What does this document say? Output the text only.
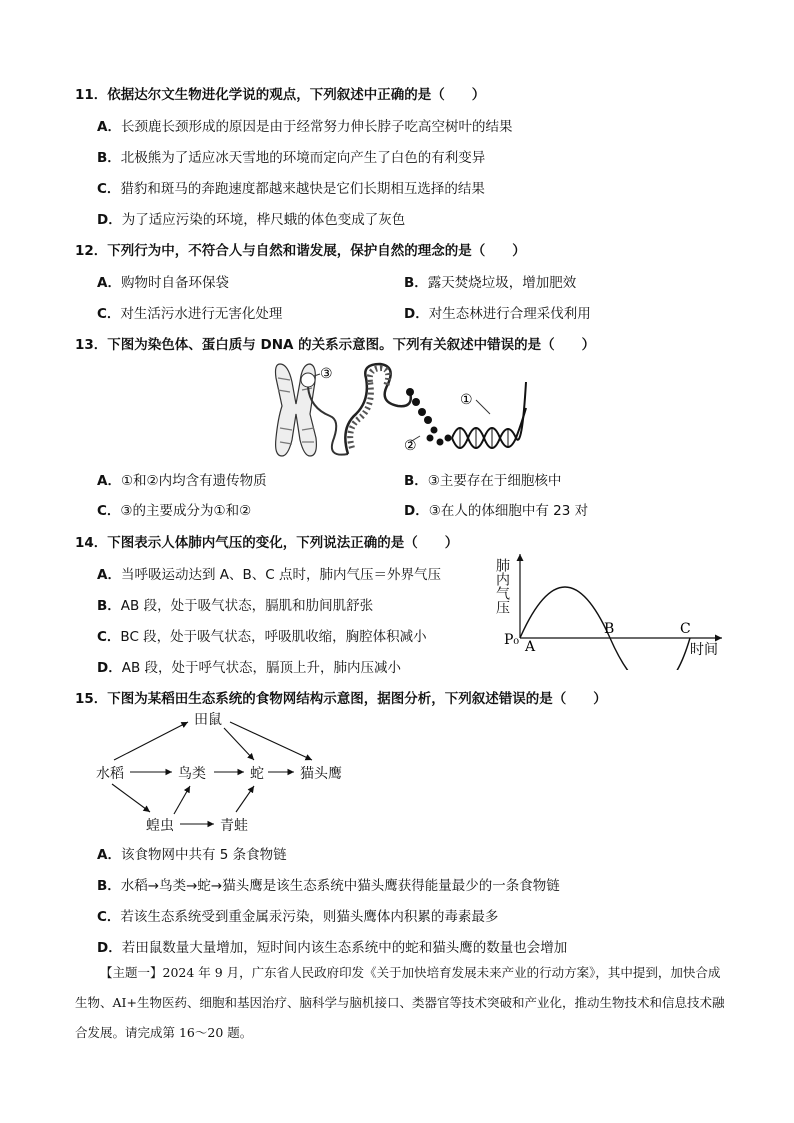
11．依据达尔文生物进化学说的观点，下列叙述中正确的是（　　）
A．长颈鹿长颈形成的原因是由于经常努力伸长脖子吃高空树叶的结果
B．北极熊为了适应冰天雪地的环境而定向产生了白色的有利变异
C．猎豹和斑马的奔跑速度都越来越快是它们长期相互选择的结果
D．为了适应污染的环境，桦尺蛾的体色变成了灰色
12．下列行为中，不符合人与自然和谐发展，保护自然的理念的是（　　）
A．购物时自备环保袋	B．露天焚烧垃圾，增加肥效
C．对生活污水进行无害化处理	D．对生态林进行合理采伐利用
13．下图为染色体、蛋白质与 DNA 的关系示意图。下列有关叙述中错误的是（　　）
③
②
①
A．①和②内均含有遗传物质	B．③主要存在于细胞核中
C．③的主要成分为①和②	D．③在人的体细胞中有 23 对
14．下图表示人体肺内气压的变化，下列说法正确的是（　　）
A．当呼吸运动达到 A、B、C 点时，肺内气压＝外界气压
B．AB 段，处于吸气状态，膈肌和肋间肌舒张
C．BC 段，处于吸气状态，呼吸肌收缩，胸腔体积减小
D．AB 段，处于呼气状态，膈顶上升，肺内压减小
肺内气压
P₀ A
B	C
时间
15．下图为某稻田生态系统的食物网结构示意图，据图分析，下列叙述错误的是（　　）
田鼠
水稻	鸟类	蛇	猫头鹰
蝗虫	青蛙
A．该食物网中共有 5 条食物链
B．水稻→鸟类→蛇→猫头鹰是该生态系统中猫头鹰获得能量最少的一条食物链
C．若该生态系统受到重金属汞污染，则猫头鹰体内积累的毒素最多
D．若田鼠数量大量增加，短时间内该生态系统中的蛇和猫头鹰的数量也会增加
【主题一】2024 年 9 月，广东省人民政府印发《关于加快培育发展未来产业的行动方案》，其中提到，加快合成生物、AI+生物医药、细胞和基因治疗、脑科学与脑机接口、类器官等技术突破和产业化，推动生物技术和信息技术融合发展。请完成第 16～20 题。
